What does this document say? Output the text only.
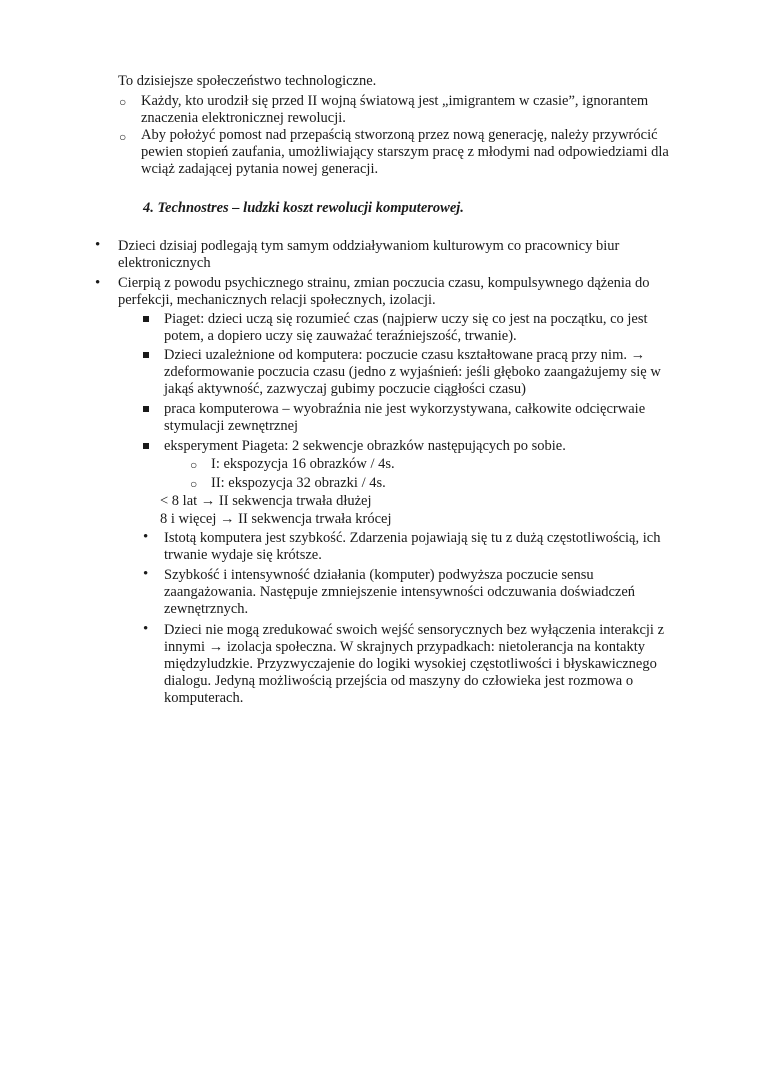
To dzisiejsze społeczeństwo technologiczne.
○ Każdy, kto urodził się przed II wojną światową jest „imigrantem w czasie”, ignorantem znaczenia elektronicznej rewolucji.
○ Aby położyć pomost nad przepaścią stworzoną przez nową generację, należy przywrócić pewien stopień zaufania, umożliwiający starszym pracę z młodymi nad odpowiedziami dla wciąż zadającej pytania nowej generacji.
4. Technostres – ludzki koszt rewolucji komputerowej.
• Dzieci dzisiaj podlegają tym samym oddziaływaniom kulturowym co pracownicy biur elektronicznych
• Cierpią z powodu psychicznego strainu, zmian poczucia czasu, kompulsywnego dążenia do perfekcji, mechanicznych relacji społecznych, izolacji.
Piaget: dzieci uczą się rozumieć czas (najpierw uczy się co jest na początku, co jest potem, a dopiero uczy się zauważać teraźniejszość, trwanie).
Dzieci uzależnione od komputera: poczucie czasu kształtowane pracą przy nim. → zdeformowanie poczucia czasu (jedno z wyjaśnień: jeśli głęboko zaangażujemy się w jakąś aktywność, zazwyczaj gubimy poczucie ciągłości czasu)
praca komputerowa – wyobraźnia nie jest wykorzystywana, całkowite odcięcrwaie stymulacji zewnętrznej
eksperyment Piageta: 2 sekwencje obrazków następujących po sobie.
○ I: ekspozycja 16 obrazków / 4s.
○ II: ekspozycja 32 obrazki / 4s.
< 8 lat → II sekwencja trwała dłużej
8 i więcej → II sekwencja trwała krócej
• Istotą komputera jest szybkość. Zdarzenia pojawiają się tu z dużą częstotliwością, ich trwanie wydaje się krótsze.
• Szybkość i intensywność działania (komputer) podwyższa poczucie sensu zaangażowania. Następuje zmniejszenie intensywności odczuwania doświadczeń zewnętrznych.
• Dzieci nie mogą zredukować swoich wejść sensorycznych bez wyłączenia interakcji z innymi → izolacja społeczna. W skrajnych przypadkach: nietolerancja na kontakty międzyludzkie. Przyzwyczajenie do logiki wysokiej częstotliwości i błyskawicznego dialogu. Jedyną możliwością przejścia od maszyny do człowieka jest rozmowa o komputerach.
